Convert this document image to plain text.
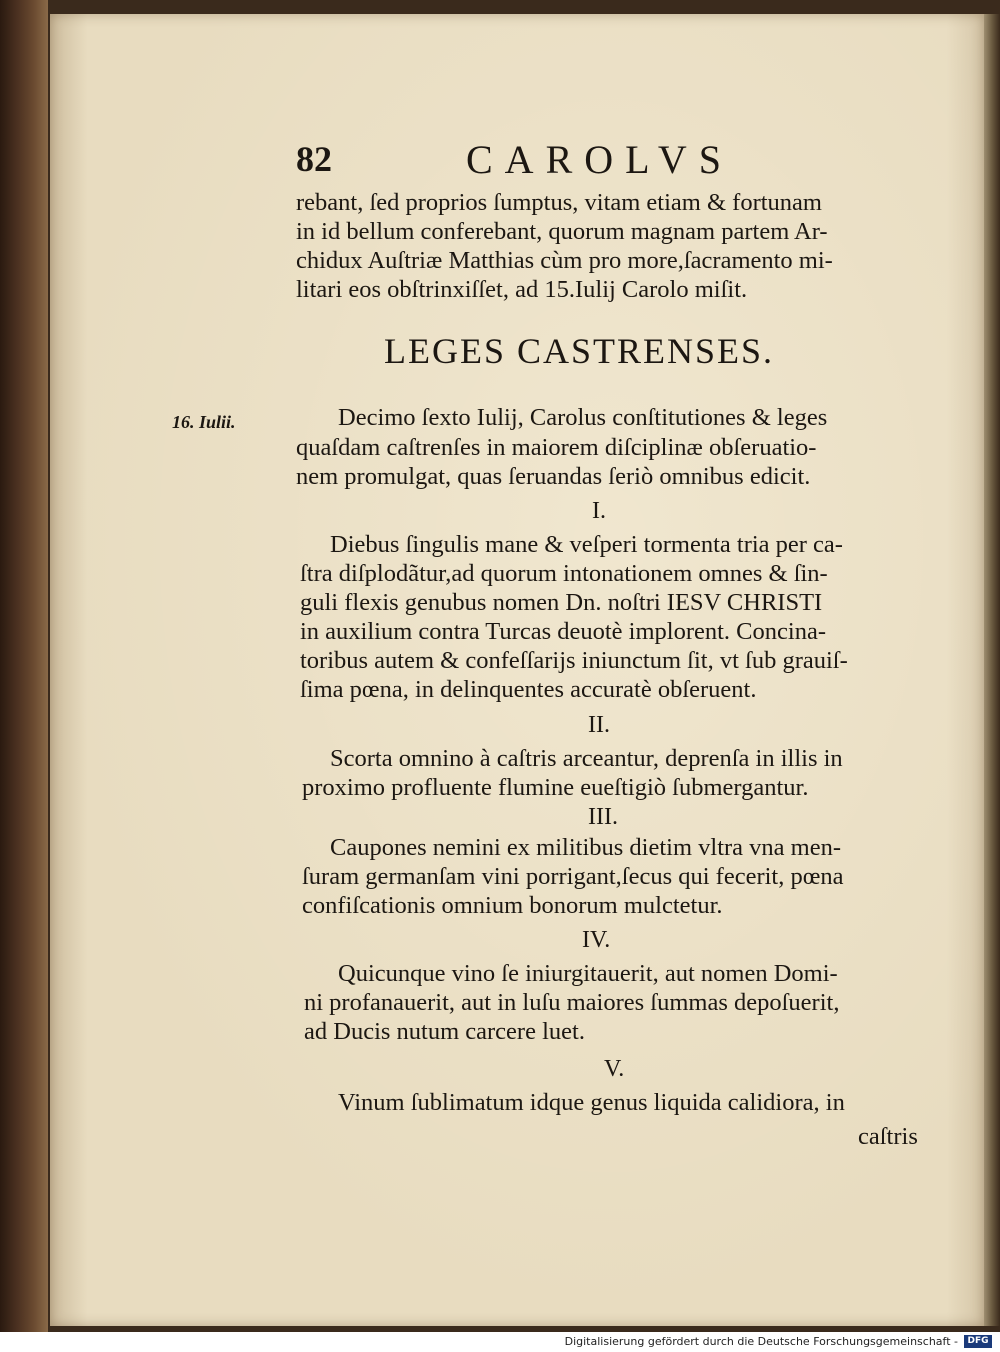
82	CAROLVS
rebant, ſed proprios ſumptus, vitam etiam & fortunam
in id bellum conferebant, quorum magnam partem Ar-
chidux Auſtriæ Matthias cùm pro more,ſacramento mi-
litari eos obſtrinxiſſet, ad 15.Iulij Carolo miſit.
LEGES CASTRENSES.
16. Iulii.	Decimo ſexto Iulij, Carolus conſtitutiones & leges
quaſdam caſtrenſes in maiorem diſciplinæ obſeruatio-
nem promulgat, quas ſeruandas ſeriò omnibus edicit.
I.
Diebus ſingulis mane & veſperi tormenta tria per ca-
ſtra diſplodãtur,ad quorum intonationem omnes & ſin-
guli flexis genubus nomen Dn. noſtri IESV CHRISTI
in auxilium contra Turcas deuotè implorent. Concina-
toribus autem & confeſſarijs iniunctum ſit, vt ſub grauiſ-
ſima pœna, in delinquentes accuratè obſeruent.
II.
Scorta omnino à caſtris arceantur, deprenſa in illis in
proximo profluente flumine eueſtigiò ſubmergantur.
III.
Caupones nemini ex militibus dietim vltra vna men-
ſuram germanſam vini porrigant,ſecus qui fecerit, pœna
confiſcationis omnium bonorum mulctetur.
IV.
Quicunque vino ſe iniurgitauerit, aut nomen Domi-
ni profanauerit, aut in luſu maiores ſummas depoſuerit,
ad Ducis nutum carcere luet.
V.
Vinum ſublimatum idque genus liquida calidiora, in
caſtris
Digitalisierung gefördert durch die Deutsche Forschungsgemeinschaft -	DFG
